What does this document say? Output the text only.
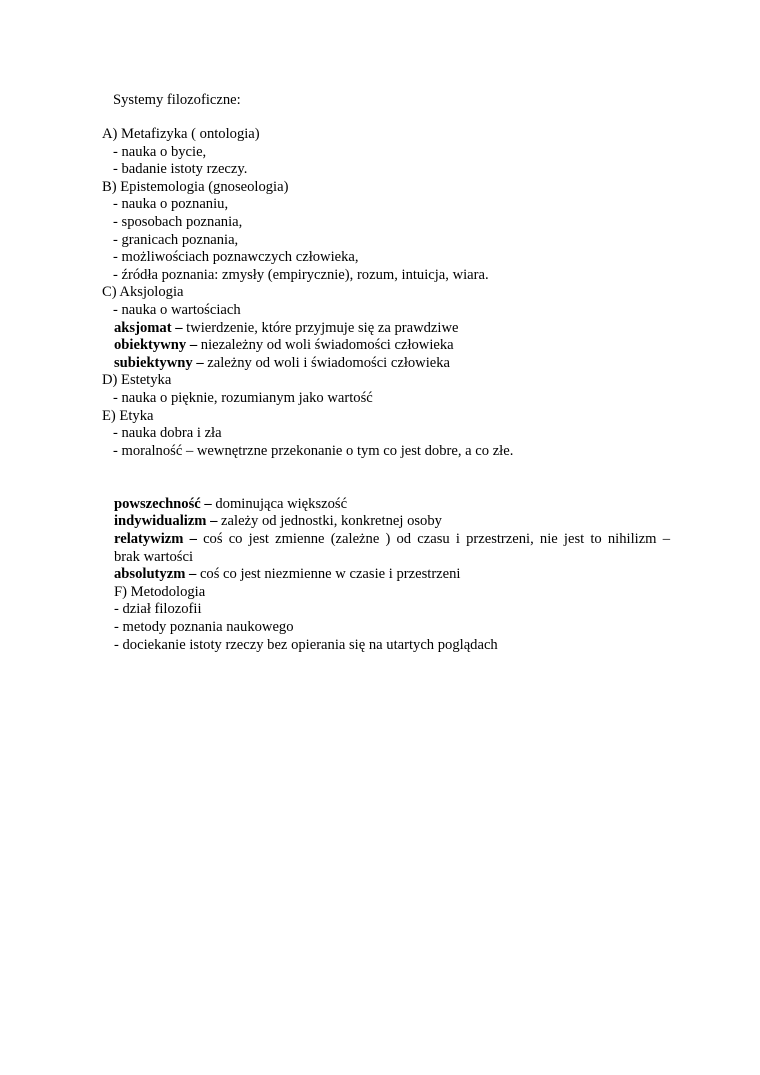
Systemy filozoficzne:
A) Metafizyka ( ontologia)
- nauka o bycie,
- badanie istoty rzeczy.
B) Epistemologia (gnoseologia)
- nauka o poznaniu,
- sposobach poznania,
- granicach poznania,
- możliwościach poznawczych człowieka,
- źródła poznania: zmysły (empirycznie), rozum, intuicja, wiara.
C) Aksjologia
- nauka o wartościach
aksjomat – twierdzenie, które przyjmuje się za prawdziwe
obiektywny – niezależny od woli świadomości człowieka
subiektywny – zależny od woli i świadomości człowieka
D) Estetyka
- nauka o pięknie, rozumianym jako wartość
E) Etyka
- nauka dobra i zła
- moralność – wewnętrzne przekonanie o tym co jest dobre, a co złe.
powszechność – dominująca większość
indywidualizm – zależy od jednostki, konkretnej osoby
relatywizm – coś co jest zmienne (zależne ) od czasu i przestrzeni, nie jest to nihilizm –
brak wartości
absolutyzm – coś co jest niezmienne w czasie i przestrzeni
F) Metodologia
- dział filozofii
- metody poznania naukowego
- dociekanie istoty rzeczy bez opierania się na utartych poglądach
